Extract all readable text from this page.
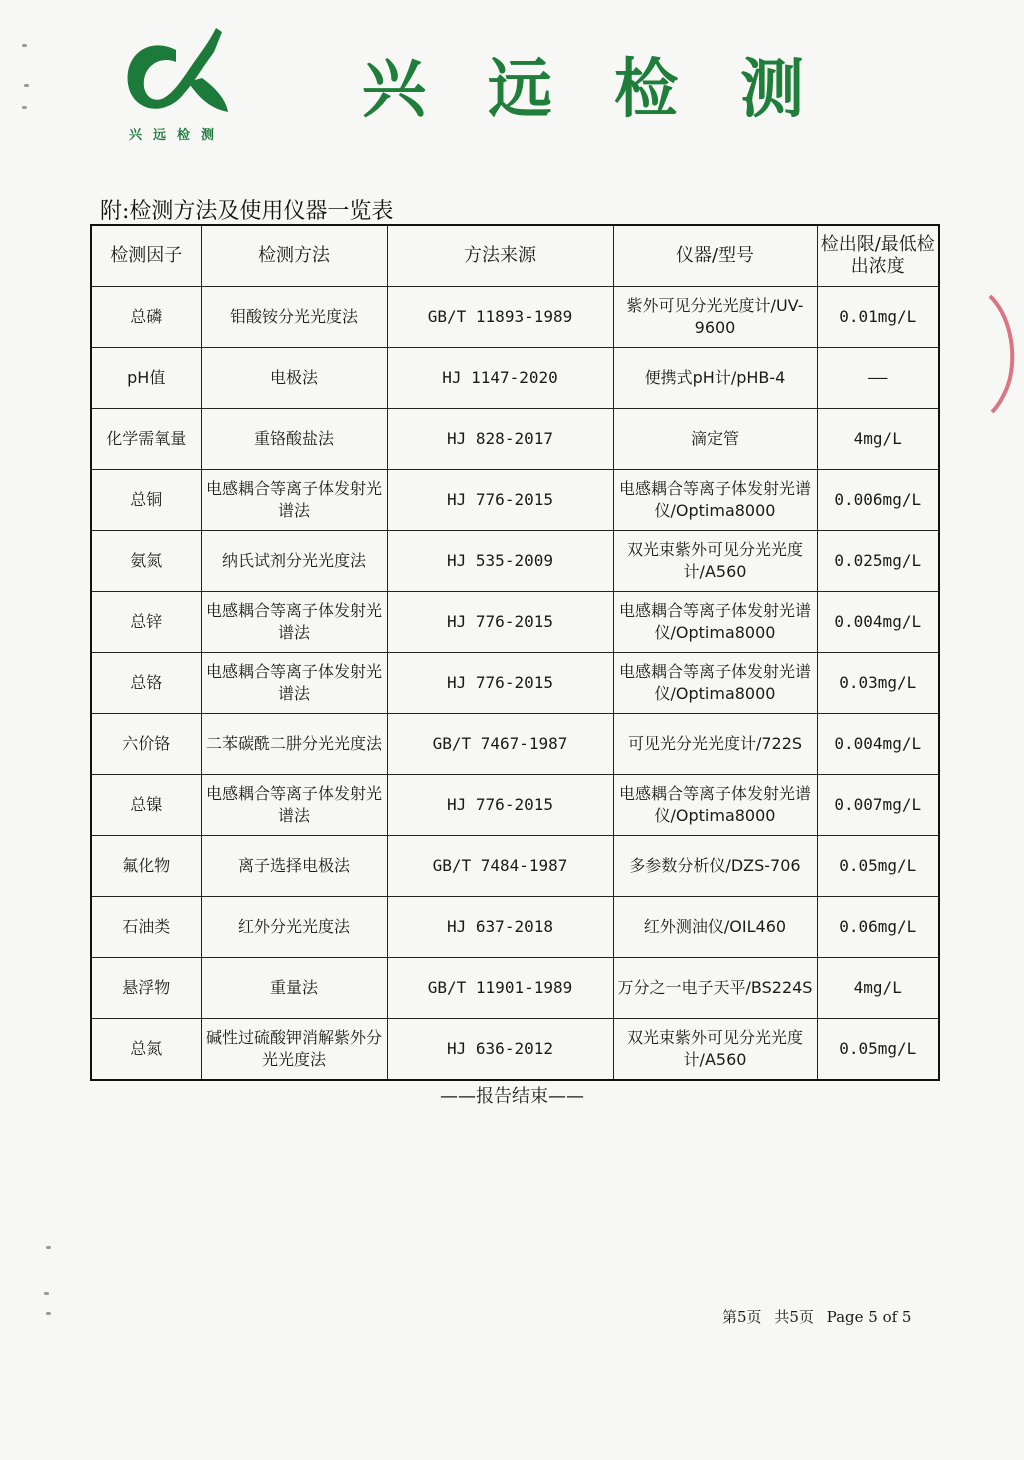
兴远检测
兴远检测
附:检测方法及使用仪器一览表
检测因子	检测方法	方法来源	仪器/型号	检出限/最低检出浓度
总磷	钼酸铵分光光度法	GB/T 11893-1989	紫外可见分光光度计/UV-9600	0.01mg/L
pH值	电极法	HJ 1147-2020	便携式pH计/pHB-4	——
化学需氧量	重铬酸盐法	HJ 828-2017	滴定管	4mg/L
总铜	电感耦合等离子体发射光谱法	HJ 776-2015	电感耦合等离子体发射光谱仪/Optima8000	0.006mg/L
氨氮	纳氏试剂分光光度法	HJ 535-2009	双光束紫外可见分光光度计/A560	0.025mg/L
总锌	电感耦合等离子体发射光谱法	HJ 776-2015	电感耦合等离子体发射光谱仪/Optima8000	0.004mg/L
总铬	电感耦合等离子体发射光谱法	HJ 776-2015	电感耦合等离子体发射光谱仪/Optima8000	0.03mg/L
六价铬	二苯碳酰二肼分光光度法	GB/T 7467-1987	可见光分光光度计/722S	0.004mg/L
总镍	电感耦合等离子体发射光谱法	HJ 776-2015	电感耦合等离子体发射光谱仪/Optima8000	0.007mg/L
氟化物	离子选择电极法	GB/T 7484-1987	多参数分析仪/DZS-706	0.05mg/L
石油类	红外分光光度法	HJ 637-2018	红外测油仪/OIL460	0.06mg/L
悬浮物	重量法	GB/T 11901-1989	万分之一电子天平/BS224S	4mg/L
总氮	碱性过硫酸钾消解紫外分光光度法	HJ 636-2012	双光束紫外可见分光光度计/A560	0.05mg/L
——报告结束——
第5页 共5页 Page 5 of 5
